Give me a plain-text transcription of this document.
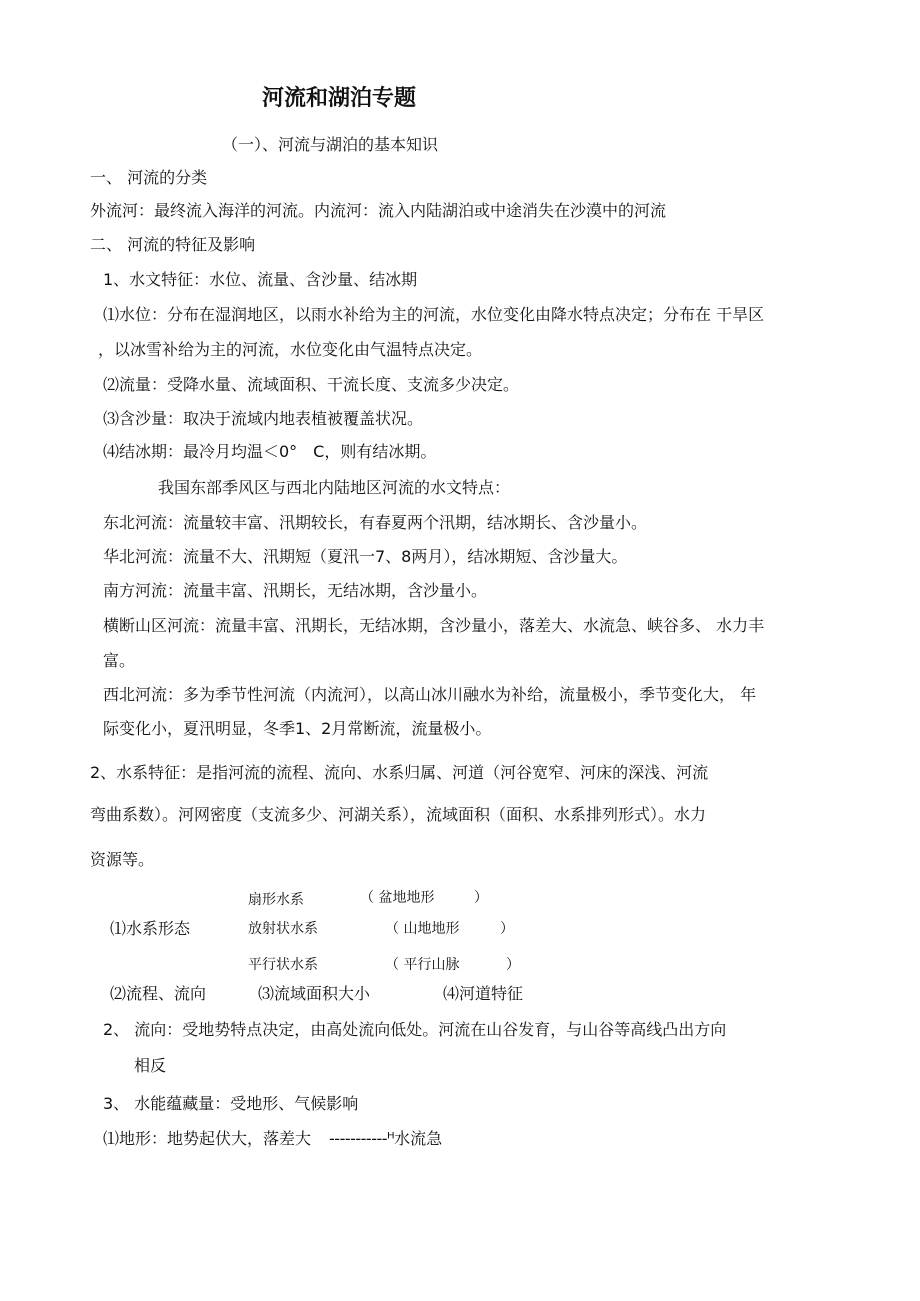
河流和湖泊专题
（一）、河流与湖泊的基本知识
一、 河流的分类
外流河：最终流入海洋的河流。内流河：流入内陆湖泊或中途消失在沙漠中的河流
二、 河流的特征及影响
1、水文特征：水位、流量、含沙量、结冰期
⑴水位：分布在湿润地区，以雨水补给为主的河流，水位变化由降水特点决定；分布在 干旱区
，以冰雪补给为主的河流，水位变化由气温特点决定。
⑵流量：受降水量、流域面积、干流长度、支流多少决定。
⑶含沙量：取决于流域内地表植被覆盖状况。
⑷结冰期：最冷月均温＜0°　C，则有结冰期。
我国东部季风区与西北内陆地区河流的水文特点：
东北河流：流量较丰富、汛期较长，有春夏两个汛期，结冰期长、含沙量小。
华北河流：流量不大、汛期短（夏汛一7、8两月），结冰期短、含沙量大。
南方河流：流量丰富、汛期长，无结冰期，含沙量小。
横断山区河流：流量丰富、汛期长，无结冰期，含沙量小，落差大、水流急、峡谷多、 水力丰
富。
西北河流：多为季节性河流（内流河），以高山冰川融水为补给，流量极小，季节变化大， 年
际变化小，夏汛明显，冬季1、2月常断流，流量极小。
2、水系特征：是指河流的流程、流向、水系归属、河道（河谷宽窄、河床的深浅、河流
弯曲系数）。河网密度（支流多少、河湖关系），流域面积（面积、水系排列形式）。水力
资源等。
扇形水系	（ 盆地地形	）
⑴水系形态	放射状水系	（ 山地地形	）
平行状水系	（ 平行山脉	）
⑵流程、流向	⑶流域面积大小	⑷河道特征
2、 流向：受地势特点决定，由高处流向低处。河流在山谷发育，与山谷等高线凸出方向
相反
3、 水能蕴藏量：受地形、气候影响
⑴地形：地势起伏大，落差大 -----------ᴴ水流急
